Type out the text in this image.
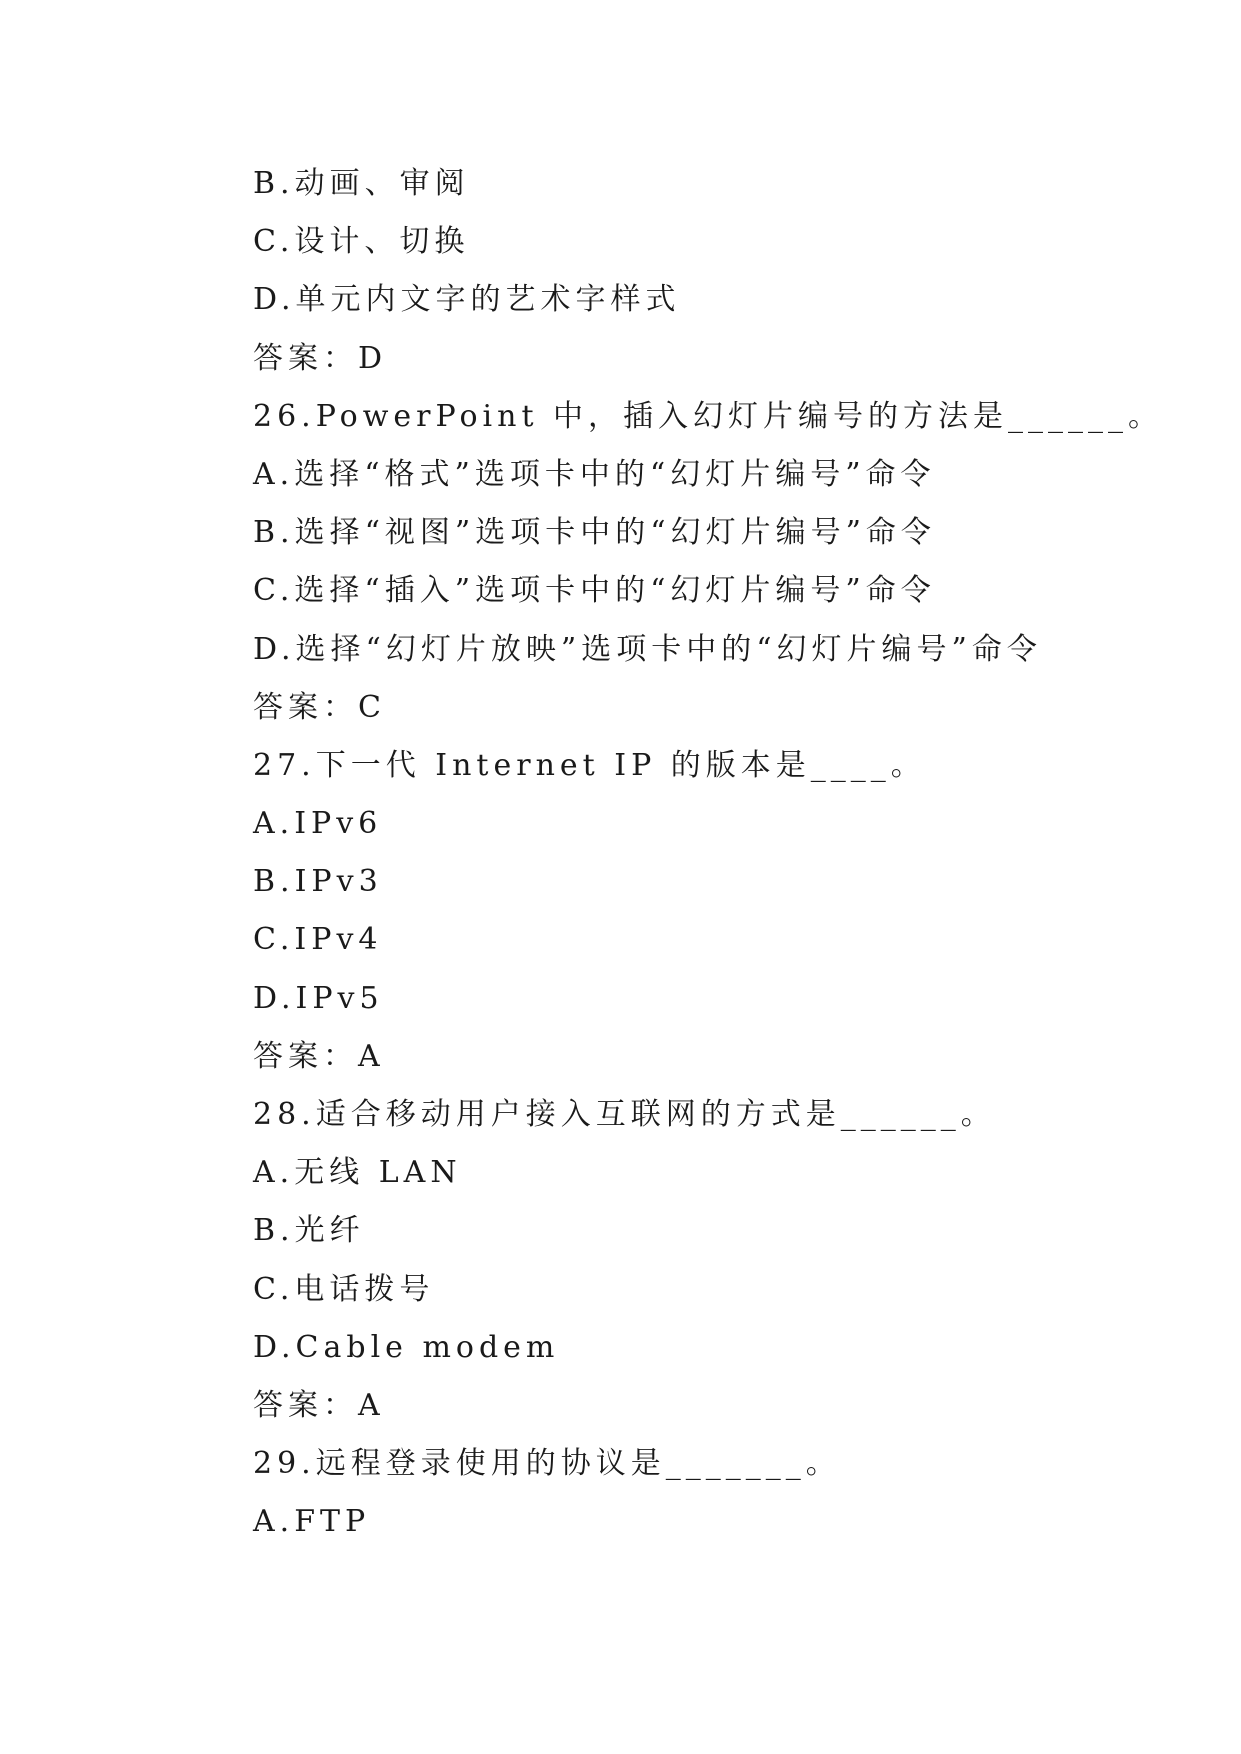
B.动画、审阅
C.设计、切换
D.单元内文字的艺术字样式
答案：D
26.PowerPoint 中，插入幻灯片编号的方法是______。
A.选择“格式”选项卡中的“幻灯片编号”命令
B.选择“视图”选项卡中的“幻灯片编号”命令
C.选择“插入”选项卡中的“幻灯片编号”命令
D.选择“幻灯片放映”选项卡中的“幻灯片编号”命令
答案：C
27.下一代 Internet IP 的版本是____。
A.IPv6
B.IPv3
C.IPv4
D.IPv5
答案：A
28.适合移动用户接入互联网的方式是______。
A.无线 LAN
B.光纤
C.电话拨号
D.Cable modem
答案：A
29.远程登录使用的协议是_______。
A.FTP
